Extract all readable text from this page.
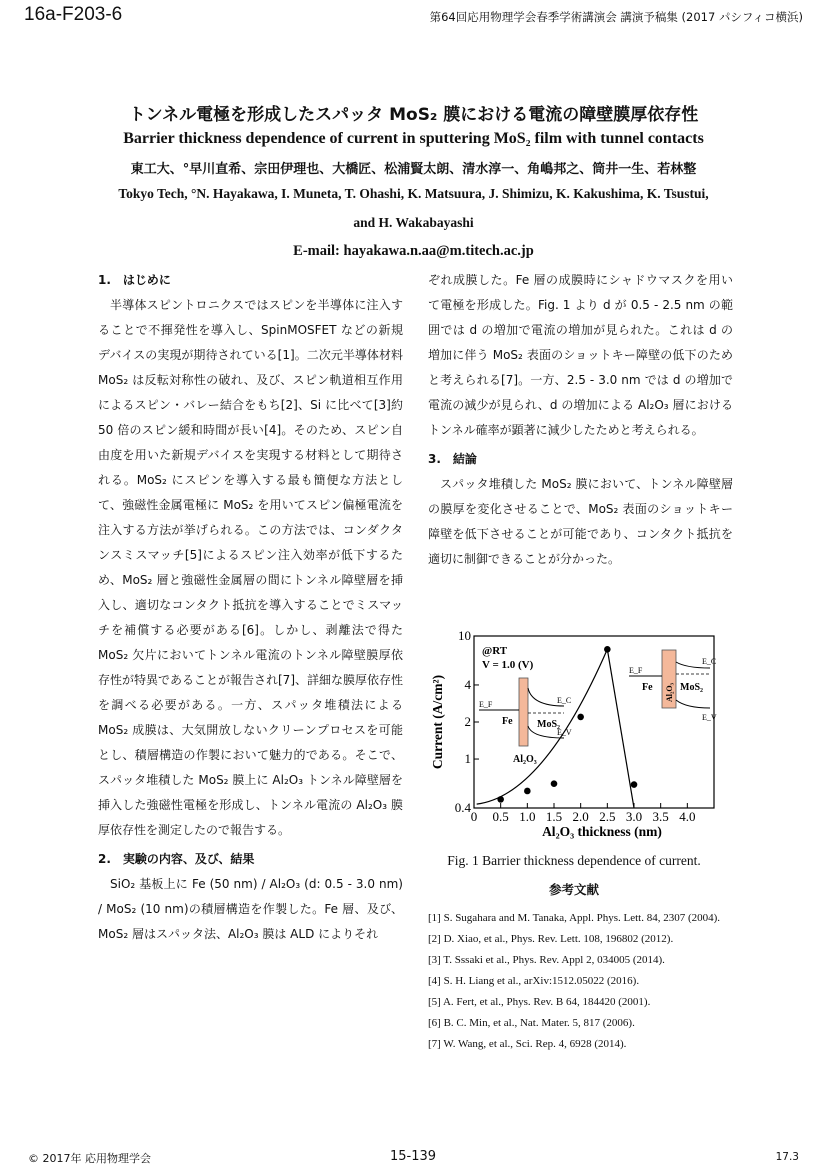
16a-F203-6	第64回応用物理学会春季学術講演会 講演予稿集 (2017 パシフィコ横浜)
トンネル電極を形成したスパッタ MoS₂ 膜における電流の障壁膜厚依存性
Barrier thickness dependence of current in sputtering MoS₂ film with tunnel contacts
東工大、°早川直希、宗田伊理也、大橋匠、松浦賢太朗、清水淳一、角嶋邦之、筒井一生、若林整
Tokyo Tech, °N. Hayakawa, I. Muneta, T. Ohashi, K. Matsuura, J. Shimizu, K. Kakushima, K. Tsustui,
and H. Wakabayashi
E-mail: hayakawa.n.aa@m.titech.ac.jp
1.　はじめに
半導体スピントロニクスではスピンを半導体に注入することで不揮発性を導入し、SpinMOSFET などの新規デバイスの実現が期待されている[1]。二次元半導体材料 MoS₂ は反転対称性の破れ、及び、スピン軌道相互作用によるスピン・バレー結合をもち[2]、Si に比べて[3]約 50 倍のスピン緩和時間が長い[4]。そのため、スピン自由度を用いた新規デバイスを実現する材料として期待される。MoS₂ にスピンを導入する最も簡便な方法として、強磁性金属電極に MoS₂ を用いてスピン偏極電流を注入する方法が挙げられる。この方法では、コンダクタンスミスマッチ[5]によるスピン注入効率が低下するため、MoS₂ 層と強磁性金属層の間にトンネル障壁層を挿入し、適切なコンタクト抵抗を導入することでミスマッチを補償する必要がある[6]。しかし、剥離法で得た MoS₂ 欠片においてトンネル電流のトンネル障壁膜厚依存性が特異であることが報告され[7]、詳細な膜厚依存性を調べる必要がある。一方、スパッタ堆積法による MoS₂ 成膜は、大気開放しないクリーンプロセスを可能とし、積層構造の作製において魅力的である。そこで、スパッタ堆積した MoS₂ 膜上に Al₂O₃ トンネル障壁層を挿入した強磁性電極を形成し、トンネル電流の Al₂O₃ 膜厚依存性を測定したので報告する。
2.　実験の内容、及び、結果
SiO₂ 基板上に Fe (50 nm) / Al₂O₃ (d: 0.5 - 3.0 nm) / MoS₂ (10 nm)の積層構造を作製した。Fe 層、及び、MoS₂ 層はスパッタ法、Al₂O₃ 膜は ALD によりそれ
ぞれ成膜した。Fe 層の成膜時にシャドウマスクを用いて電極を形成した。Fig. 1 より d が 0.5 - 2.5 nm の範囲では d の増加で電流の増加が見られた。これは d の増加に伴う MoS₂ 表面のショットキー障壁の低下のためと考えられる[7]。一方、2.5 - 3.0 nm では d の増加で電流の減少が見られ、d の増加による Al₂O₃ 層におけるトンネル確率が顕著に減少したためと考えられる。
3.　結論
スパッタ堆積した MoS₂ 膜において、トンネル障壁層の膜厚を変化させることで、MoS₂ 表面のショットキー障壁を低下させることが可能であり、コンタクト抵抗を適切に制御できることが分かった。
0 0.5 1.0 1.5 2.0 2.5 3.0 3.5 4.0
0.4
1
2
4
10
Al₂O₃ thickness (nm)
Current (A/cm²)
@RT
V = 1.0 (V)
Fe MoS₂
Al₂O₃
E_F	E_C
E_V
Fe	MoS₂
Al₂O₃
E_F
E_C
E_V
Fig. 1 Barrier thickness dependence of current.
参考文献
[1] S. Sugahara and M. Tanaka, Appl. Phys. Lett. 84, 2307 (2004).
[2] D. Xiao, et al., Phys. Rev. Lett. 108, 196802 (2012).
[3] T. Sssaki et al., Phys. Rev. Appl 2, 034005 (2014).
[4] S. H. Liang et al., arXiv:1512.05022 (2016).
[5] A. Fert, et al., Phys. Rev. B 64, 184420 (2001).
[6] B. C. Min, et al., Nat. Mater. 5, 817 (2006).
[7] W. Wang, et al., Sci. Rep. 4, 6928 (2014).
© 2017年 応用物理学会	15-139	17.3
